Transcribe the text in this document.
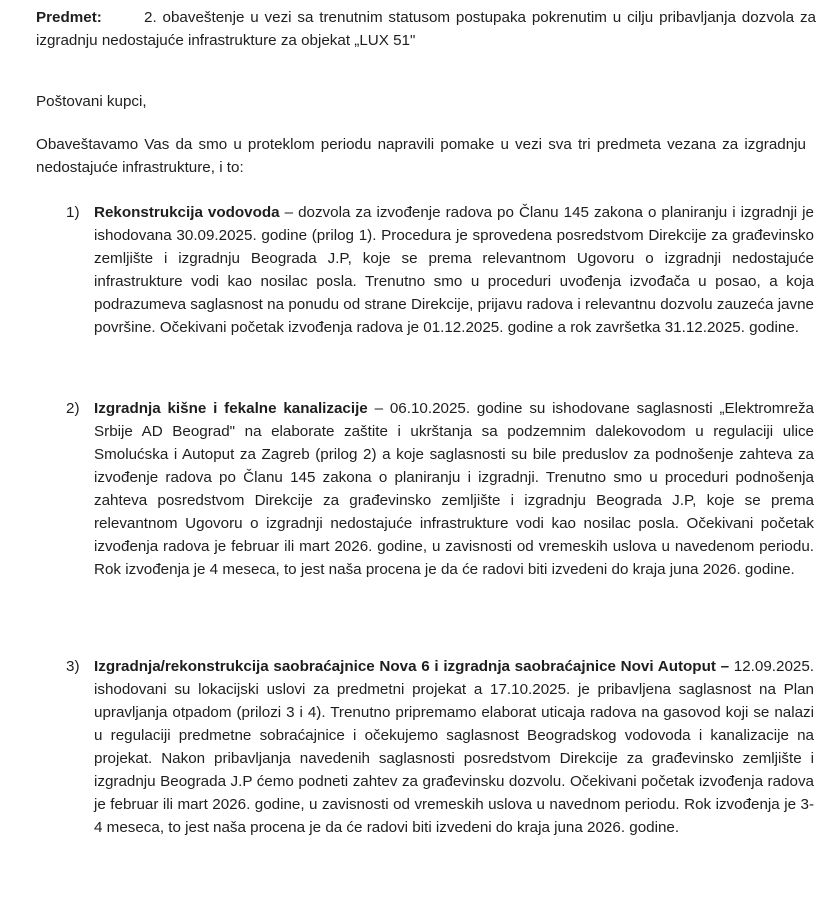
Predmet:	2. obaveštenje u vezi sa trenutnim statusom postupaka pokrenutim u cilju pribavljanja dozvola za izgradnju nedostajuće infrastrukture za objekat „LUX 51"
Poštovani kupci,
Obaveštavamo Vas da smo u proteklom periodu napravili pomake u vezi sva tri predmeta vezana za izgradnju nedostajuće infrastrukture, i to:
1) Rekonstrukcija vodovoda – dozvola za izvođenje radova po Članu 145 zakona o planiranju i izgradnji je ishodovana 30.09.2025. godine (prilog 1). Procedura je sprovedena posredstvom Direkcije za građevinsko zemljište i izgradnju Beograda J.P, koje se prema relevantnom Ugovoru o izgradnji nedostajuće infrastrukture vodi kao nosilac posla. Trenutno smo u proceduri uvođenja izvođača u posao, a koja podrazumeva saglasnost na ponudu od strane Direkcije, prijavu radova i relevantnu dozvolu zauzeća javne površine. Očekivani početak izvođenja radova je 01.12.2025. godine a rok završetka 31.12.2025. godine.
2) Izgradnja kišne i fekalne kanalizacije – 06.10.2025. godine su ishodovane saglasnosti „Elektromreža Srbije AD Beograd" na elaborate zaštite i ukrštanja sa podzemnim dalekovodom u regulaciji ulice Smolućska i Autoput za Zagreb (prilog 2) a koje saglasnosti su bile preduslov za podnošenje zahteva za izvođenje radova po Članu 145 zakona o planiranju i izgradnji. Trenutno smo u proceduri podnošenja zahteva posredstvom Direkcije za građevinsko zemljište i izgradnju Beograda J.P, koje se prema relevantnom Ugovoru o izgradnji nedostajuće infrastrukture vodi kao nosilac posla. Očekivani početak izvođenja radova je februar ili mart 2026. godine, u zavisnosti od vremeskih uslova u navedenom periodu. Rok izvođenja je 4 meseca, to jest naša procena je da će radovi biti izvedeni do kraja juna 2026. godine.
3) Izgradnja/rekonstrukcija saobraćajnice Nova 6 i izgradnja saobraćajnice Novi Autoput – 12.09.2025. ishodovani su lokacijski uslovi za predmetni projekat a 17.10.2025. je pribavljena saglasnost na Plan upravljanja otpadom (prilozi 3 i 4). Trenutno pripremamo elaborat uticaja radova na gasovod koji se nalazi u regulaciji predmetne sobraćajnice i očekujemo saglasnost Beogradskog vodovoda i kanalizacije na projekat. Nakon pribavljanja navedenih saglasnosti posredstvom Direkcije za građevinsko zemljište i izgradnju Beograda J.P ćemo podneti zahtev za građevinsku dozvolu. Očekivani početak izvođenja radova je februar ili mart 2026. godine, u zavisnosti od vremeskih uslova u navednom periodu. Rok izvođenja je 3-4 meseca, to jest naša procena je da će radovi biti izvedeni do kraja juna 2026. godine.
